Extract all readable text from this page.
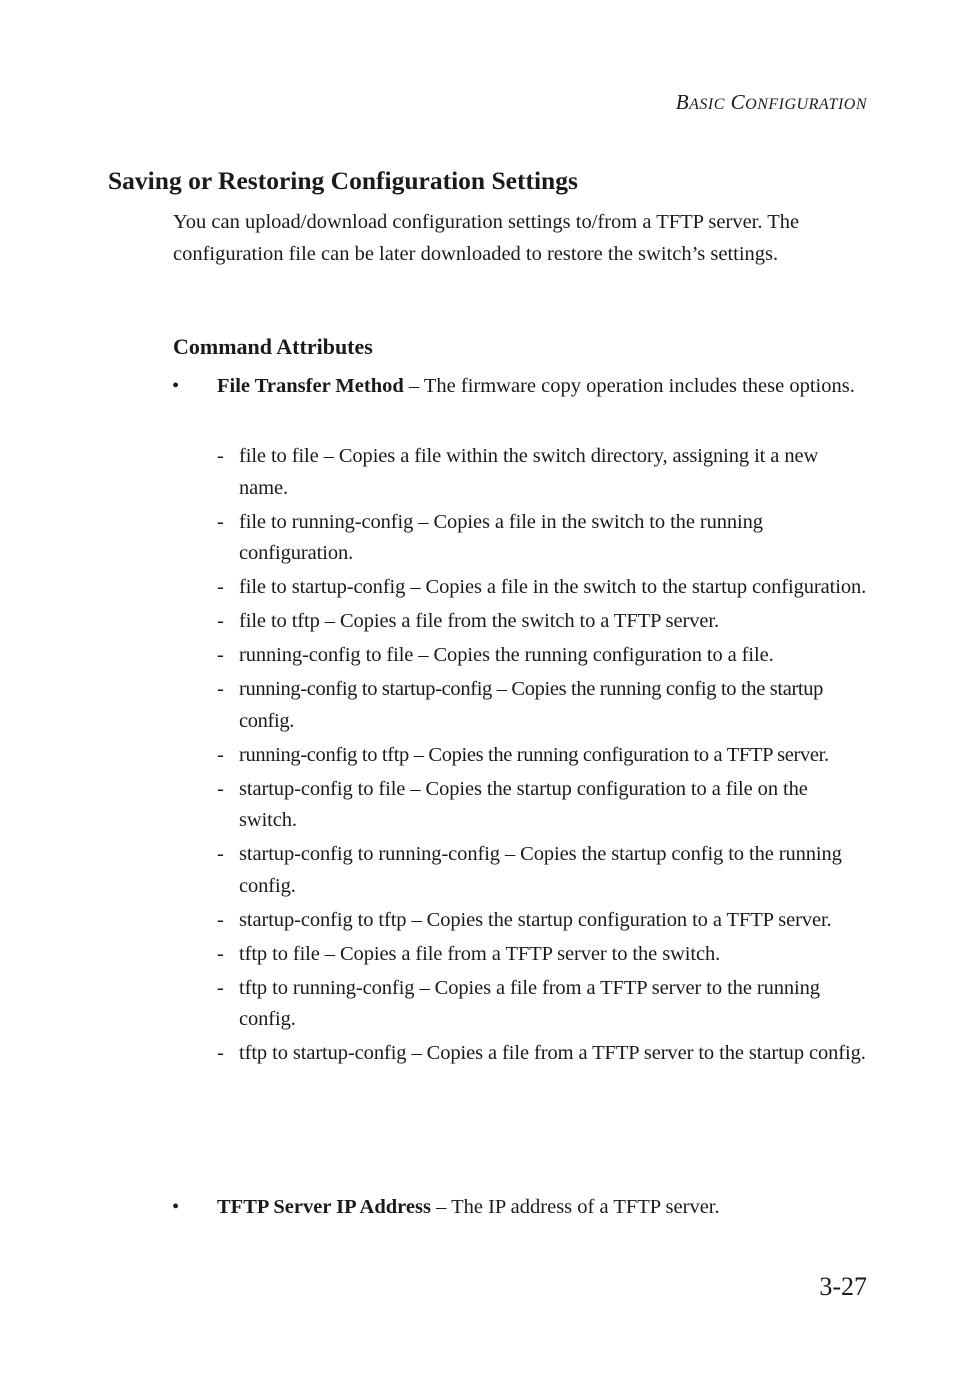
BASIC CONFIGURATION
Saving or Restoring Configuration Settings

You can upload/download configuration settings to/from a TFTP server. The configuration file can be later downloaded to restore the switch’s settings.

Command Attributes
• File Transfer Method – The firmware copy operation includes these options.

- file to file – Copies a file within the switch directory, assigning it a new name.
- file to running-config – Copies a file in the switch to the running configuration.
- file to startup-config – Copies a file in the switch to the startup configuration.
- file to tftp – Copies a file from the switch to a TFTP server.
- running-config to file – Copies the running configuration to a file.
- running-config to startup-config – Copies the running config to the startup config.
- running-config to tftp – Copies the running configuration to a TFTP server.
- startup-config to file – Copies the startup configuration to a file on the switch.
- startup-config to running-config – Copies the startup config to the running config.
- startup-config to tftp – Copies the startup configuration to a TFTP server.
- tftp to file – Copies a file from a TFTP server to the switch.
- tftp to running-config – Copies a file from a TFTP server to the running config.
- tftp to startup-config – Copies a file from a TFTP server to the startup config.
• TFTP Server IP Address – The IP address of a TFTP server.

3-27
